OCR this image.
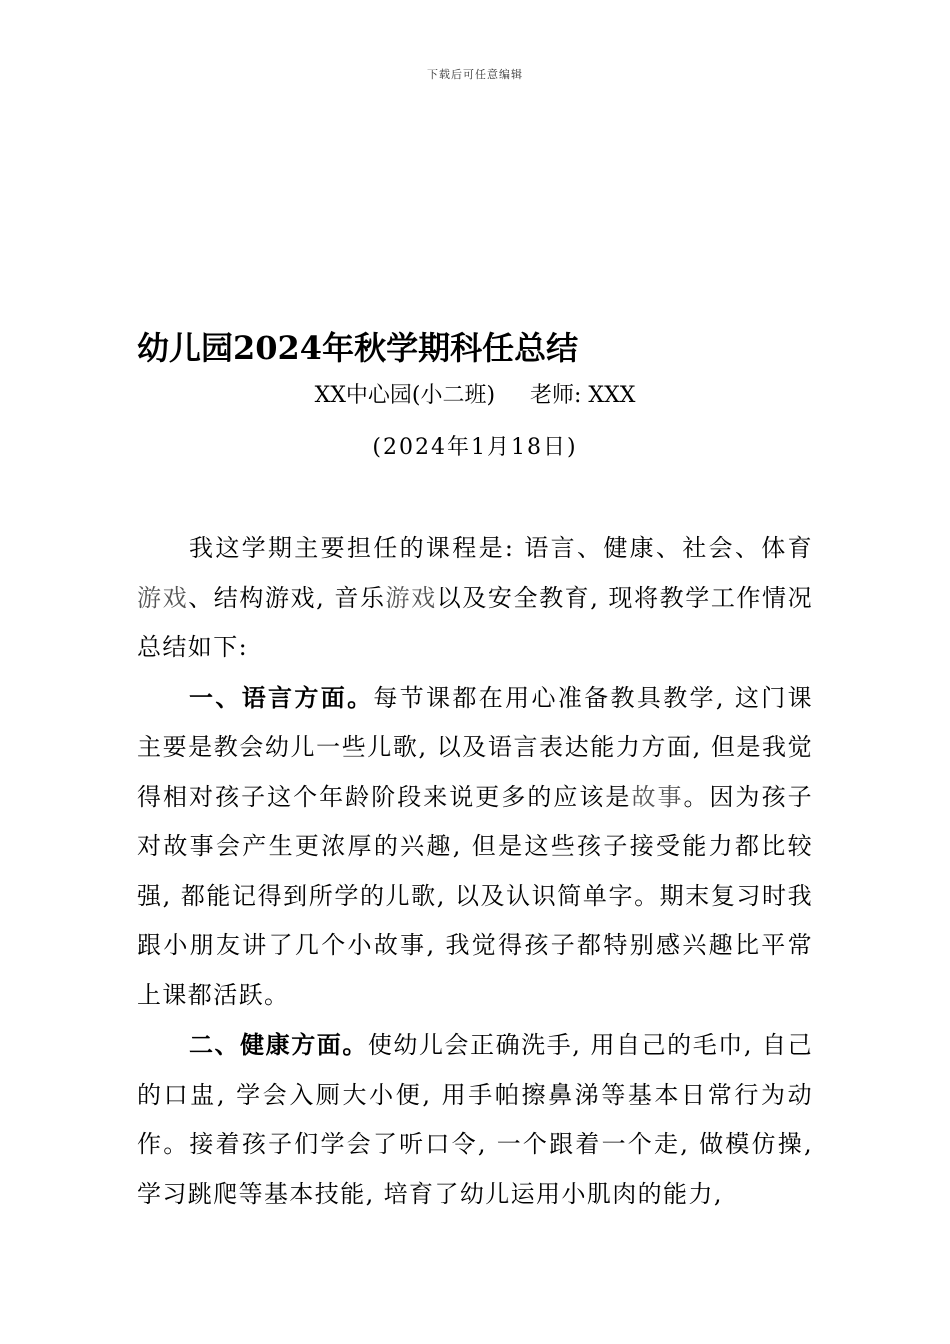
下载后可任意编辑
幼儿园2024年秋学期科任总结
XX中心园(小二班)     老师: XXX
(2024年1月18日)

我这学期主要担任的课程是: 语言、健康、社会、体育游戏、结构游戏, 音乐游戏以及安全教育, 现将教学工作情况总结如下:

一、语言方面。每节课都在用心准备教具教学, 这门课主要是教会幼儿一些儿歌, 以及语言表达能力方面, 但是我觉得相对孩子这个年龄阶段来说更多的应该是故事。因为孩子对故事会产生更浓厚的兴趣, 但是这些孩子接受能力都比较强, 都能记得到所学的儿歌, 以及认识简单字。期末复习时我跟小朋友讲了几个小故事, 我觉得孩子都特别感兴趣比平常上课都活跃。

二、健康方面。使幼儿会正确洗手, 用自己的毛巾, 自己的口盅, 学会入厕大小便, 用手帕擦鼻涕等基本日常行为动作。接着孩子们学会了听口令, 一个跟着一个走, 做模仿操, 学习跳爬等基本技能, 培育了幼儿运用小肌肉的能力,
